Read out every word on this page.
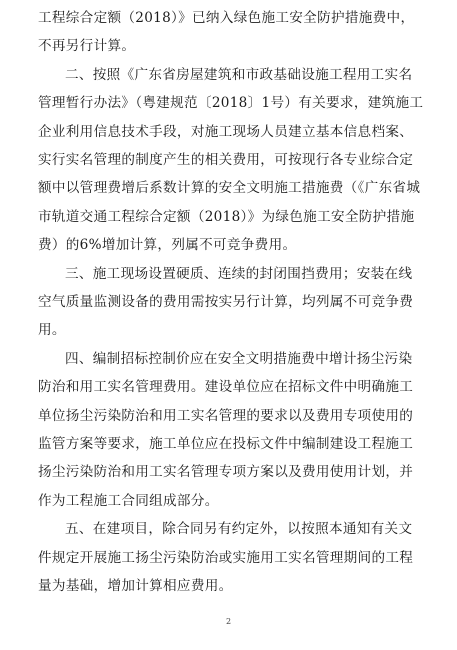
工程综合定额（2018）》已纳入绿色施工安全防护措施费中，
不再另行计算。
二、按照《广东省房屋建筑和市政基础设施工程用工实名
管理暂行办法》（粤建规范〔2018〕1号）有关要求，建筑施工
企业利用信息技术手段，对施工现场人员建立基本信息档案、
实行实名管理的制度产生的相关费用，可按现行各专业综合定
额中以管理费增后系数计算的安全文明施工措施费（《广东省城
市轨道交通工程综合定额（2018）》为绿色施工安全防护措施
费）的6%增加计算，列属不可竞争费用。
三、施工现场设置硬质、连续的封闭围挡费用；安装在线
空气质量监测设备的费用需按实另行计算，均列属不可竞争费
用。
四、编制招标控制价应在安全文明措施费中增计扬尘污染
防治和用工实名管理费用。建设单位应在招标文件中明确施工
单位扬尘污染防治和用工实名管理的要求以及费用专项使用的
监管方案等要求，施工单位应在投标文件中编制建设工程施工
扬尘污染防治和用工实名管理专项方案以及费用使用计划，并
作为工程施工合同组成部分。
五、在建项目，除合同另有约定外，以按照本通知有关文
件规定开展施工扬尘污染防治或实施用工实名管理期间的工程
量为基础，增加计算相应费用。
2
